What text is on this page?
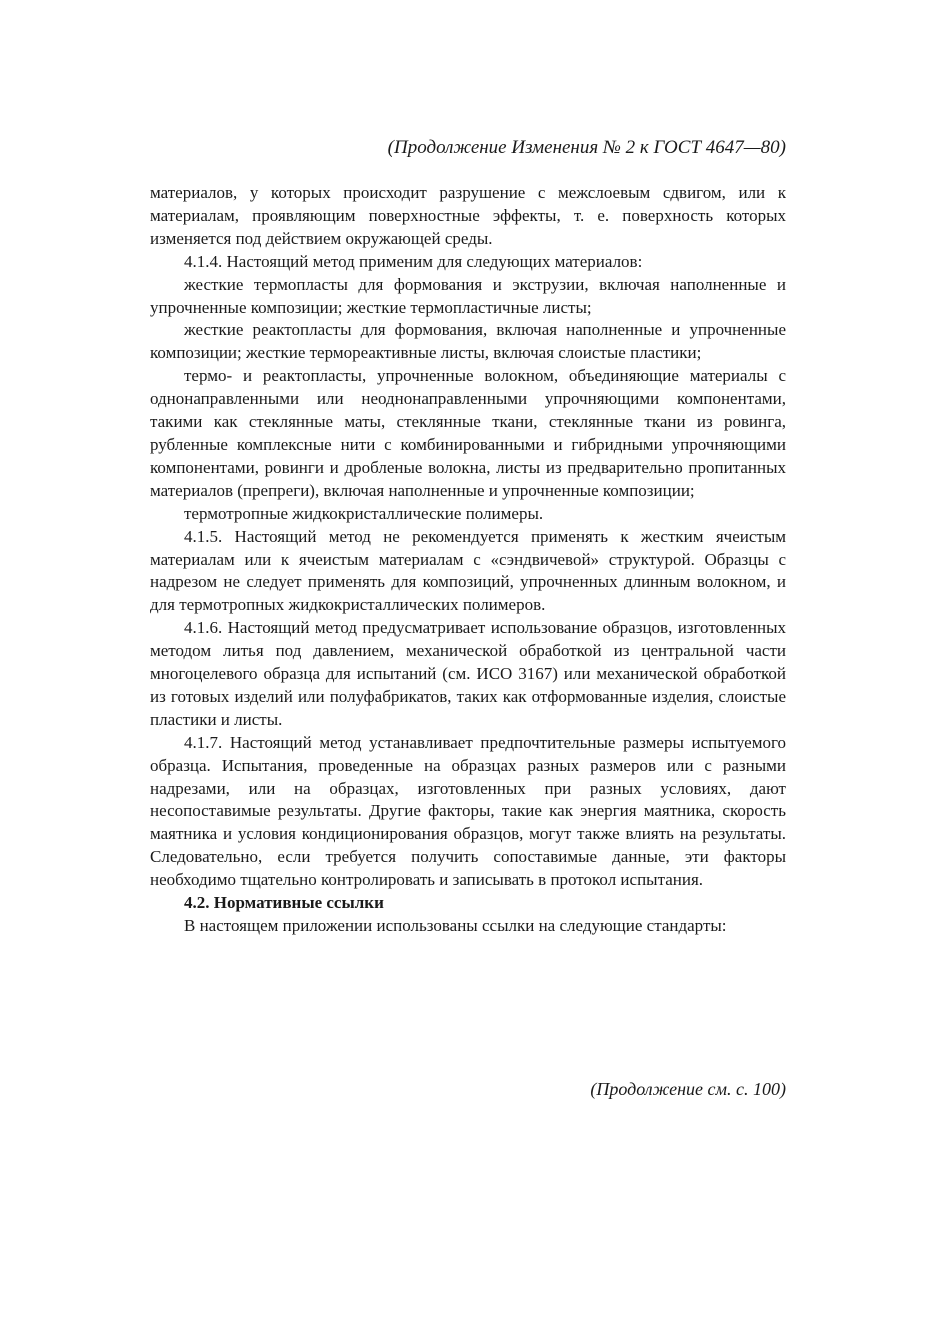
(Продолжение Изменения № 2 к ГОСТ 4647—80)

материалов, у которых происходит разрушение с межслоевым сдвигом, или к материалам, проявляющим поверхностные эффекты, т. е. поверхность которых изменяется под действием окружающей среды.

4.1.4. Настоящий метод применим для следующих материалов:

жесткие термопласты для формования и экструзии, включая наполненные и упрочненные композиции; жесткие термопластичные листы;

жесткие реактопласты для формования, включая наполненные и упрочненные композиции; жесткие термореактивные листы, включая слоистые пластики;

термо- и реактопласты, упрочненные волокном, объединяющие материалы с однонаправленными или неоднонаправленными упрочняющими компонентами, такими как стеклянные маты, стеклянные ткани, стеклянные ткани из ровинга, рубленные комплексные нити с комбинированными и гибридными упрочняющими компонентами, ровинги и дробленые волокна, листы из предварительно пропитанных материалов (препреги), включая наполненные и упрочненные композиции;

термотропные жидкокристаллические полимеры.

4.1.5. Настоящий метод не рекомендуется применять к жестким ячеистым материалам или к ячеистым материалам с «сэндвичевой» структурой. Образцы с надрезом не следует применять для композиций, упрочненных длинным волокном, и для термотропных жидкокристаллических полимеров.

4.1.6. Настоящий метод предусматривает использование образцов, изготовленных методом литья под давлением, механической обработкой из центральной части многоцелевого образца для испытаний (см. ИСО 3167) или механической обработкой из готовых изделий или полуфабрикатов, таких как отформованные изделия, слоистые пластики и листы.

4.1.7. Настоящий метод устанавливает предпочтительные размеры испытуемого образца. Испытания, проведенные на образцах разных размеров или с разными надрезами, или на образцах, изготовленных при разных условиях, дают несопоставимые результаты. Другие факторы, такие как энергия маятника, скорость маятника и условия кондиционирования образцов, могут также влиять на результаты. Следовательно, если требуется получить сопоставимые данные, эти факторы необходимо тщательно контролировать и записывать в протокол испытания.

4.2. Нормативные ссылки

В настоящем приложении использованы ссылки на следующие стандарты:

(Продолжение см. с. 100)
